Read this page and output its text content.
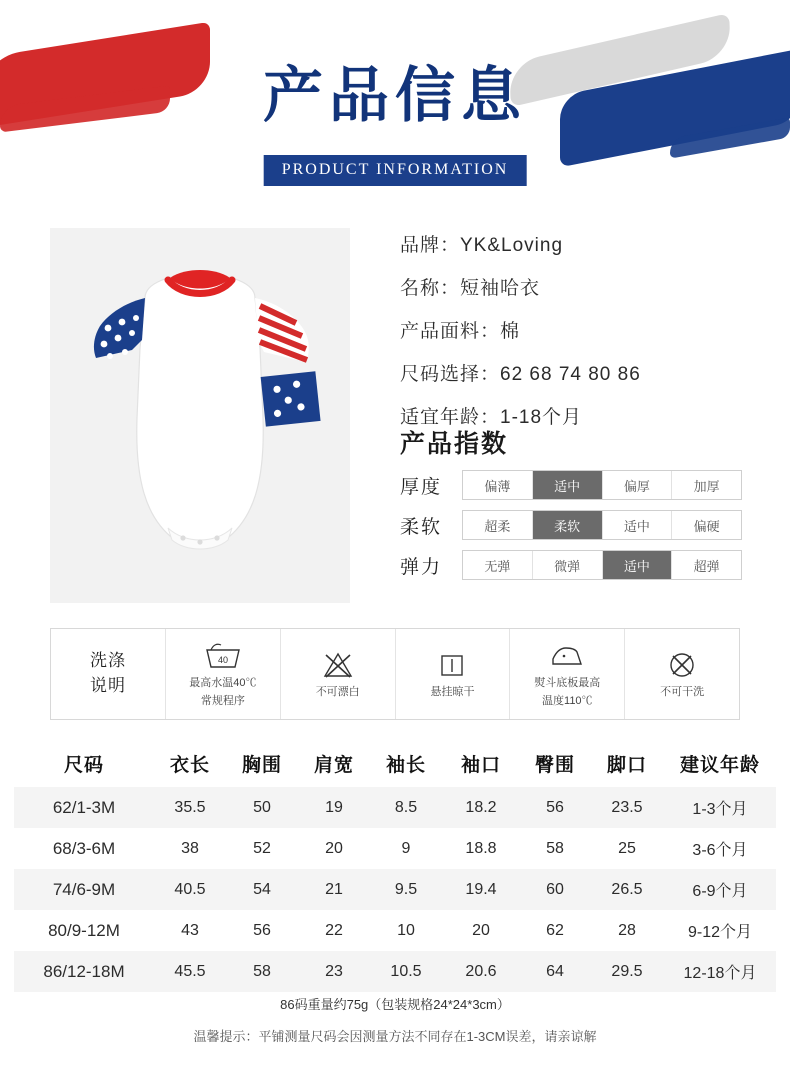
产品信息
PRODUCT INFORMATION
品牌：YK&Loving
名称：短袖哈衣
产品面料：棉
尺码选择：62 68 74 80 86
适宜年龄：1-18个月
产品指数
厚度	偏薄	适中	偏厚	加厚
柔软	超柔	柔软	适中	偏硬
弹力	无弹	微弹	适中	超弹
洗涤
说明
40
最高水温40℃
常规程序
不可漂白	悬挂晾干
熨斗底板最高
温度110℃
不可干洗
尺码	衣长	胸围	肩宽	袖长	袖口	臀围	脚口	建议年龄
62/1-3M	35.5	50	19	8.5	18.2	56	23.5	1-3个月
68/3-6M	38	52	20	9	18.8	58	25	3-6个月
74/6-9M	40.5	54	21	9.5	19.4	60	26.5	6-9个月
80/9-12M	43	56	22	10	20	62	28	9-12个月
86/12-18M	45.5	58	23	10.5	20.6	64	29.5	12-18个月
86码重量约75g（包装规格24*24*3cm）
温馨提示：平铺测量尺码会因测量方法不同存在1-3CM误差，请亲谅解
